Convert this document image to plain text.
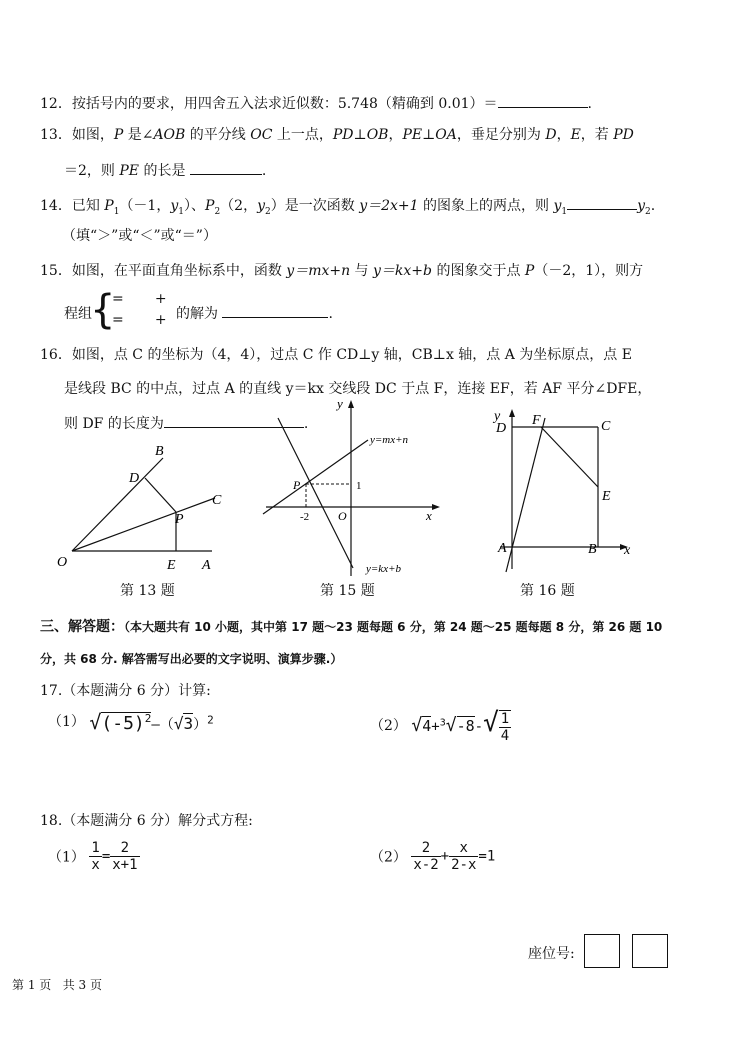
12．按括号内的要求，用四舍五入法求近似数：5.748（精确到 0.01）＝	.
13．如图，P 是∠AOB 的平分线 OC 上一点，PD⊥OB，PE⊥OA，垂足分别为 D，E，若 PD
＝2，则 PE 的长是	.
14．已知 $P_1(-1$，$y_1$）、$P_2(2$，$y_2$）是一次函数 y＝2x+1 的图象上的两点，则 $y_1$	$y_2$.
（填“＞”或“＜”或“＝”）
15．如图，在平面直角坐标系中，函数 y＝mx+n 与 y＝kx+b 的图象交于点 P（－2，1），则方
程组
{
=       +
=       + 的解为	.
16．如图，点 C 的坐标为（4，4），过点 C 作 CD⊥y 轴，CB⊥x 轴，点 A 为坐标原点，点 E
是线段 BC 的中点，过点 A 的直线 y＝kx 交线段 DC 于点 F，连接 EF，若 AF 平分∠DFE，
则 DF 的长度为	.
B
D
C
P
O	E A
第 13 题
y
x
y=mx+n
y=kx+b
P	1
-2 O
第 15 题
y
x
D
F	C
E
A	B
第 16 题
三、解答题：（本大题共有 10 小题，其中第 17 题～23 题每题 6 分，第 24 题～25 题每题 8 分，第 26 题 10
分，共 68 分. 解答需写出必要的文字说明、演算步骤.）
17.（本题满分 6 分）计算:
（1） $√(-5)^2-(√3)^2$	（2） $√4+^3√-8-√ \frac{1}{4}$
18.（本题满分 6 分）解分式方程:
$(1) \frac{1}{x} = \frac{2}{x+1}$	$(2) \frac{2}{x-2} + \frac{x}{2-x} =1$
座位号:
第 1 页   共 3 页
